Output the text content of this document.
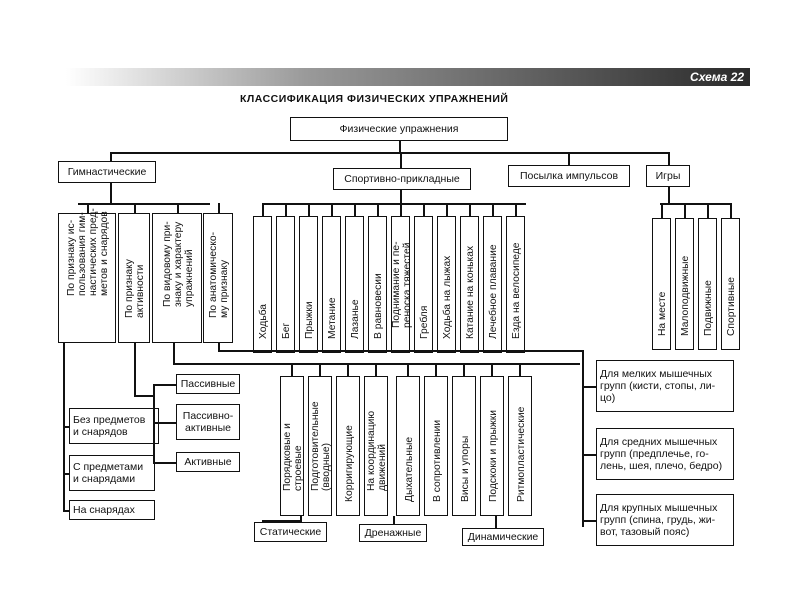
Схема 22
КЛАССИФИКАЦИЯ ФИЗИЧЕСКИХ УПРАЖНЕНИЙ
Физические упражнения
Гимнастические
Спортивно-прикладные	Посылка импульсов	Игры
По признаку ис-
пользования гим-
настических пред-
метов и снарядов
По признаку
активности По видовому при-
знаку и характеру
упражнений
По анатомическо-
му признаку
Ходьба Бег Прыжки Метание Лазанье В равновесии Поднимание и пе-
реноска тяжестей
Гребля Ходьба на лыжах Катание на коньках Лечебное плавание Езда на велосипеде	На месте Малоподвижные Подвижные Спортивные
Без предметов
и снарядов
С предметами
и снарядами
На снарядах
Пассивные
Пассивно-
активные
Активные	Порядковые и
строевые Подготовительные
(вводные) Корригирующие На координацию
движений Дыхательные В сопротивлении Висы и упоры Подскоки и прыжки Ритмопластические
Статические	Дренажные	Динамические
Для мелких мышечных
групп (кисти, стопы, ли-
цо)
Для средних мышечных
групп (предплечье, го-
лень, шея, плечо, бедро)
Для крупных мышечных
групп (спина, грудь, жи-
вот, тазовый пояс)
